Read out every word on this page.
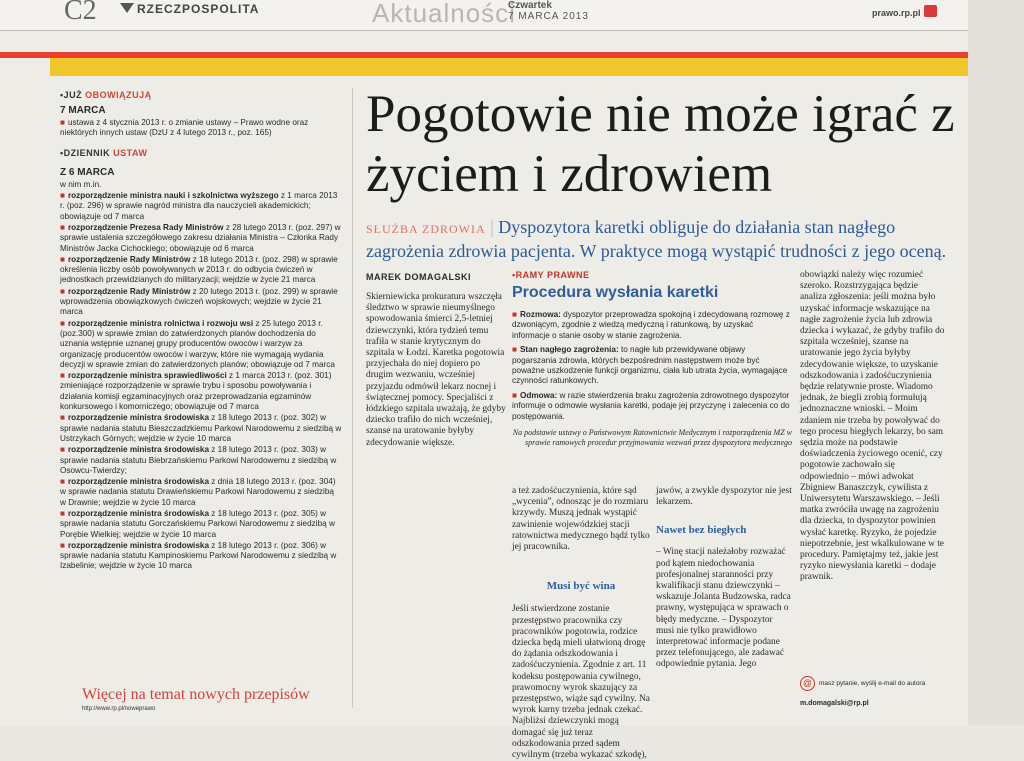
C2	RZECZPOSPOLITA	Aktualności
Czwartek
7 MARCA 2013	prawo.rp.pl
•JUŻ OBOWIĄZUJĄ
7 MARCA
■ ustawa z 4 stycznia 2013 r. o zmianie ustawy – Prawo wodne oraz niektórych innych ustaw (DzU z 4 lutego 2013 r., poz. 165)
•DZIENNIK USTAW
Z 6 MARCA
w nim m.in.
■ rozporządzenie ministra nauki i szkolnictwa wyższego z 1 marca 2013 r. (poz. 296) w sprawie nagród ministra dla nauczycieli akademickich; obowiązuje od 7 marca
■ rozporządzenie Prezesa Rady Ministrów z 28 lutego 2013 r. (poz. 297) w sprawie ustalenia szczegółowego zakresu działania Ministra – Członka Rady Ministrów Jacka Cichockiego; obowiązuje od 6 marca
■ rozporządzenie Rady Ministrów z 18 lutego 2013 r. (poz. 298) w sprawie określenia liczby osób powoływanych w 2013 r. do odbycia ćwiczeń w jednostkach przewidzianych do militaryzacji; wejdzie w życie 21 marca
■ rozporządzenie Rady Ministrów z 20 lutego 2013 r. (poz. 299) w sprawie wprowadzenia obowiązkowych ćwiczeń wojskowych; wejdzie w życie 21 marca
■ rozporządzenie ministra rolnictwa i rozwoju wsi z 25 lutego 2013 r. (poz.300) w sprawie zmian do zatwierdzonych planów dochodzenia do uznania wstępnie uznanej grupy producentów owoców i warzyw za organizację producentów owoców i warzyw, które nie wymagają wydania decyzji w sprawie zmian do zatwierdzonych planów; obowiązuje od 7 marca
■ rozporządzenie ministra sprawiedliwości z 1 marca 2013 r. (poz. 301) zmieniające rozporządzenie w sprawie trybu i sposobu powoływania i działania komisji egzaminacyjnych oraz przeprowadzania egzaminów konkursowego i komorniczego; obowiązuje od 7 marca
■ rozporządzenie ministra środowiska z 18 lutego 2013 r. (poz. 302) w sprawie nadania statutu Bieszczadzkiemu Parkowi Narodowemu z siedzibą w Ustrzykach Górnych; wejdzie w życie 10 marca
■ rozporządzenie ministra środowiska z 18 lutego 2013 r. (poz. 303) w sprawie nadania statutu Biebrzańskiemu Parkowi Narodowemu z siedzibą w Osowcu-Twierdzy;
■ rozporządzenie ministra środowiska z dnia 18 lutego 2013 r. (poz. 304) w sprawie nadania statutu Drawieńskiemu Parkowi Narodowemu z siedzibą w Drawnie; wejdzie w życie 10 marca
■ rozporządzenie ministra środowiska z 18 lutego 2013 r. (poz. 305) w sprawie nadania statutu Gorczańskiemu Parkowi Narodowemu z siedzibą w Porębie Wielkiej; wejdzie w życie 10 marca
■ rozporządzenie ministra środowiska z 18 lutego 2013 r. (poz. 306) w sprawie nadania statutu Kampinoskiemu Parkowi Narodowemu z siedzibą w Izabelinie; wejdzie w życie 10 marca
Więcej na temat nowych przepisów
http://www.rp.pl/noweprawo
Pogotowie nie może igrać z życiem i zdrowiem
SŁUŻBA ZDROWIA | Dyspozytora karetki obliguje do działania stan nagłego zagrożenia zdrowia pacjenta. W praktyce mogą wystąpić trudności z jego oceną.
MAREK DOMAGALSKI
Skierniewicka prokuratura wszczęła śledztwo w sprawie nieumyślnego spowodowania śmierci 2,5-letniej dziewczynki, która tydzień temu trafiła w stanie krytycznym do szpitala w Łodzi. Karetka pogotowia przyjechała do niej dopiero po drugim wezwaniu, wcześniej przyjazdu odmówił lekarz nocnej i świątecznej pomocy. Specjaliści z łódzkiego szpitala uważają, że gdyby dziecko trafiło do nich wcześniej, szanse na uratowanie byłyby zdecydowanie większe.
•RAMY PRAWNE
Procedura wysłania karetki

■ Rozmowa: dyspozytor przeprowadza spokojną i zdecydowaną rozmowę z dzwoniącym, zgodnie z wiedzą medyczną i ratunkową, by uzyskać informacje o stanie osoby w stanie zagrożenia.

■ Stan nagłego zagrożenia: to nagłe lub przewidywane objawy pogarszania zdrowia, których bezpośrednim następstwem może być poważne uszkodzenie funkcji organizmu, ciała lub utrata życia, wymagające czynności ratunkowych.

■ Odmowa: w razie stwierdzenia braku zagrożenia zdrowotnego dyspozytor informuje o odmowie wysłania karetki, podaje jej przyczynę i zalecenia co do postępowania.

Na podstawie ustawy o Państwowym Ratownictwie Medycznym i rozporządzenia MZ w sprawie ramowych procedur przyjmowania wezwań przez dyspozytora medycznego
a też zadośćuczynienia, które sąd „wycenia”, odnosząc je do rozmiaru krzywdy. Muszą jednak wystąpić zawinienie wojewódzkiej stacji ratownictwa medycznego bądź tylko jej pracownika.
Musi być wina
Jeśli stwierdzone zostanie przestępstwo pracownika czy pracowników pogotowia, rodzice dziecka będą mieli ułatwioną drogę do żądania odszkodowania i zadośćuczynienia. Zgodnie z art. 11 kodeksu postępowania cywilnego, prawomocny wyrok skazujący za przestępstwo, wiąże sąd cywilny. Na wyrok karny trzeba jednak czekać. Najbliżsi dziewczynki mogą domagać się już teraz odszkodowania przed sądem cywilnym (trzeba wykazać szkodę),
jawów, a zwykle dyspozytor nie jest lekarzem.
Nawet bez biegłych
– Winę stacji należałoby rozważać pod kątem niedochowania profesjonalnej staranności przy kwalifikacji stanu dziewczynki – wskazuje Jolanta Budzowska, radca prawny, występująca w sprawach o błędy medyczne. – Dyspozytor musi nie tylko prawidłowo interpretować informacje podane przez telefonującego, ale zadawać odpowiednie pytania. Jego
obowiązki należy więc rozumieć szeroko. Rozstrzygająca będzie analiza zgłoszenia: jeśli można było uzyskać informacje wskazujące na nagłe zagrożenie życia lub zdrowia dziecka i wykazać, że gdyby trafiło do szpitala wcześniej, szanse na uratowanie jego życia byłyby zdecydowanie większe, to uzyskanie odszkodowania i zadośćuczynienia będzie relatywnie proste. Wiadomo jednak, że biegli zrobią formułują jednoznaczne wnioski. – Moim zdaniem nie trzeba by powoływać do tego procesu biegłych lekarzy, bo sam sędzia może na podstawie doświadczenia życiowego ocenić, czy pogotowie zachowało się odpowiednio – mówi adwokat Zbigniew Banaszczyk, cywilista z Uniwersytetu Warszawskiego. – Jeśli matka zwróciła uwagę na zagrożeniu dla dziecka, to dyspozytor powinien wysłać karetkę. Ryzyko, że pojedzie niepotrzebnie, jest wkalkulowane w te procedury. Pamiętajmy też, jakie jest ryzyko niewysłania karetki – dodaje prawnik.
@ masz pytanie, wyślij e-mail do autora
m.domagalski@rp.pl
